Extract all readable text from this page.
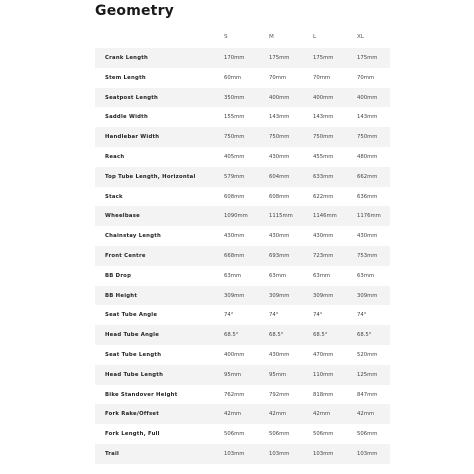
Geometry
S	M	L	XL
Crank Length	170mm	175mm	175mm	175mm
Stem Length	60mm	70mm	70mm	70mm
Seatpost Length	350mm	400mm	400mm	400mm
Saddle Width	155mm	143mm	143mm	143mm
Handlebar Width	750mm	750mm	750mm	750mm
Reach	405mm	430mm	455mm	480mm
Top Tube Length, Horizontal	579mm	604mm	633mm	662mm
Stack	608mm	608mm	622mm	636mm
Wheelbase	1090mm	1115mm	1146mm	1176mm
Chainstay Length	430mm	430mm	430mm	430mm
Front Centre	668mm	693mm	723mm	753mm
BB Drop	63mm	63mm	63mm	63mm
BB Height	309mm	309mm	309mm	309mm
Seat Tube Angle	74°	74°	74°	74°
Head Tube Angle	68.5°	68.5°	68.5°	68.5°
Seat Tube Length	400mm	430mm	470mm	520mm
Head Tube Length	95mm	95mm	110mm	125mm
Bike Standover Height	762mm	792mm	818mm	847mm
Fork Rake/Offset	42mm	42mm	42mm	42mm
Fork Length, Full	506mm	506mm	506mm	506mm
Trail	103mm	103mm	103mm	103mm
